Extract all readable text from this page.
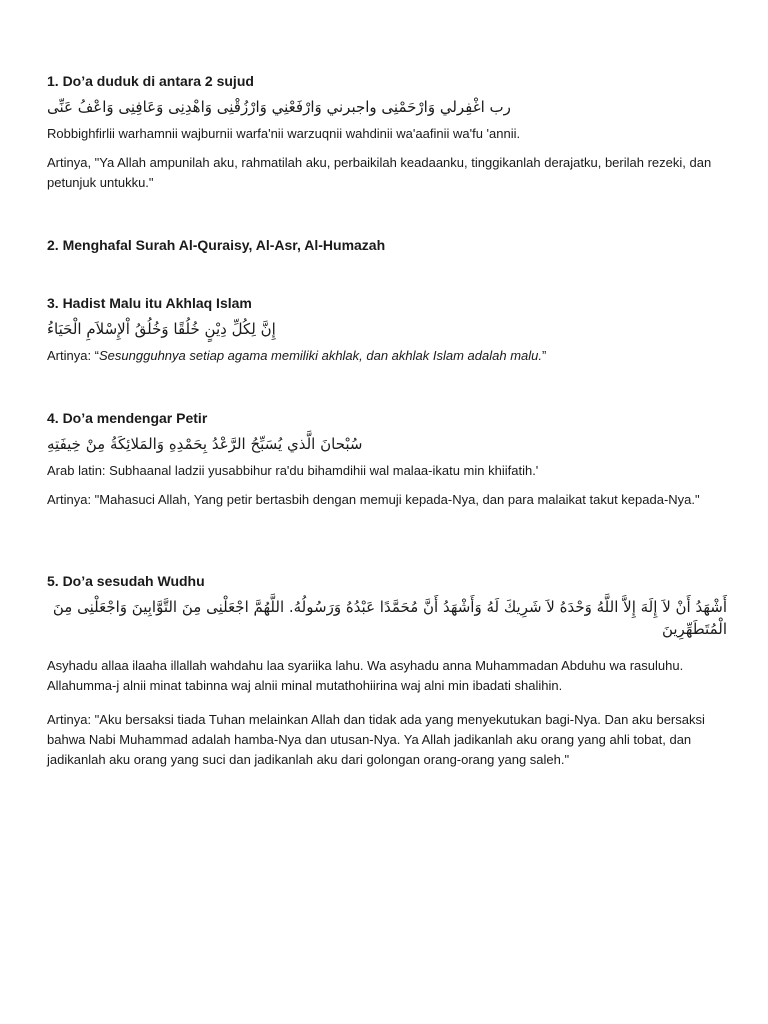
1. Do’a duduk di antara 2 sujud

رب اغْفِرلي وَارْحَمْنِى واجبرني وَارْفَعْنِي وَارْزُقْنِى وَاهْدِنِى وَعَافِنِى وَاعْفُ عَنِّى

Robbighfirlii warhamnii wajburnii warfa'nii warzuqnii wahdinii wa'aafinii wa'fu 'annii.

Artinya, "Ya Allah ampunilah aku, rahmatilah aku, perbaikilah keadaanku, tinggikanlah derajatku, berilah rezeki, dan petunjuk untukku."

2. Menghafal Surah Al-Quraisy, Al-Asr, Al-Humazah

3. Hadist Malu itu Akhlaq Islam

إِنَّ لِكُلِّ دِيْنٍ خُلُقًا وَخُلُقُ اْلإِسْلاَمِ الْحَيَاءُ

Artinya: “Sesungguhnya setiap agama memiliki akhlak, dan akhlak Islam adalah malu.”

4. Do’a mendengar Petir

سُبْحانَ الَّذي يُسَبِّحُ الرَّعْدُ بِحَمْدِهِ وَالمَلائِكَةُ مِنْ خِيفَتِهِ

Arab latin: Subhaanal ladzii yusabbihur ra'du bihamdihii wal malaa-ikatu min khiifatih.'

Artinya: "Mahasuci Allah, Yang petir bertasbih dengan memuji kepada-Nya, dan para malaikat takut kepada-Nya."

5. Do’a sesudah Wudhu

أَشْهَدُ أَنْ لاَ إِلَهَ إِلاَّ اللَّهُ وَحْدَهُ لاَ شَرِيكَ لَهُ وَأَشْهَدُ أَنَّ مُحَمَّدًا عَبْدُهُ وَرَسُولُهُ. اللَّهُمَّ اجْعَلْنِى مِنَ التَّوَّابِينَ وَاجْعَلْنِى مِنَ الْمُتَطَهِّرِينَ

Asyhadu allaa ilaaha illallah wahdahu laa syariika lahu. Wa asyhadu anna Muhammadan Abduhu wa rasuluhu. Allahumma-j alnii minat tabinna waj alnii minal mutathohiirina waj alni min ibadati shalihin.

Artinya: "Aku bersaksi tiada Tuhan melainkan Allah dan tidak ada yang menyekutukan bagi-Nya. Dan aku bersaksi bahwa Nabi Muhammad adalah hamba-Nya dan utusan-Nya. Ya Allah jadikanlah aku orang yang ahli tobat, dan jadikanlah aku orang yang suci dan jadikanlah aku dari golongan orang-orang yang saleh."
